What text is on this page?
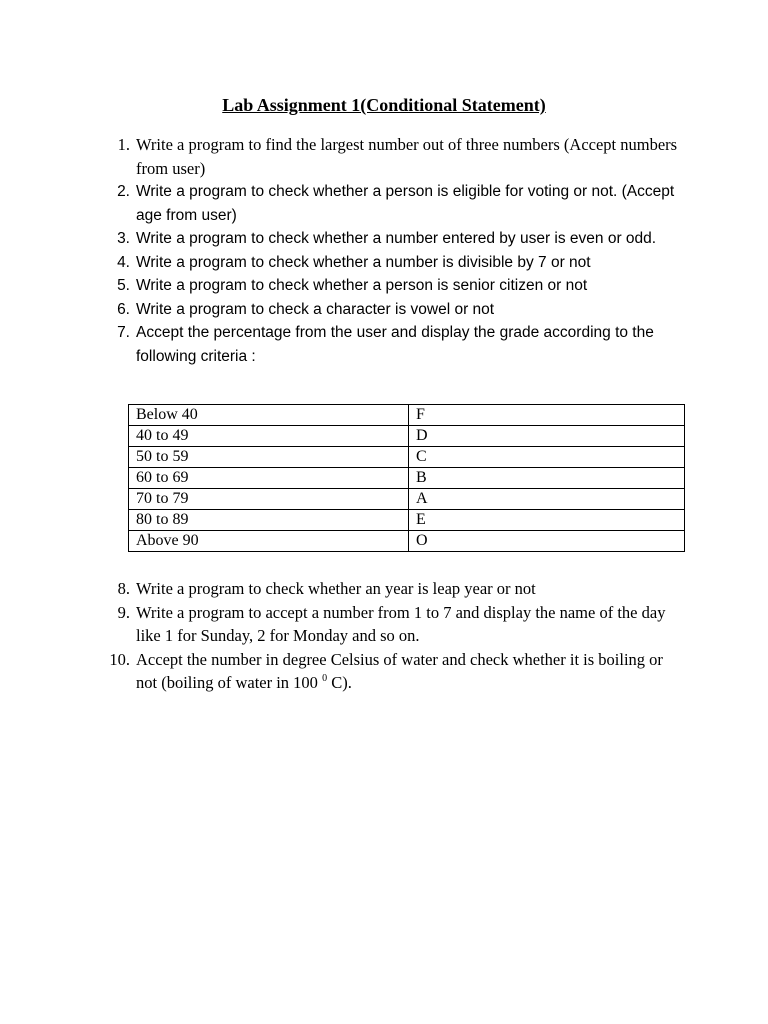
Lab Assignment 1(Conditional Statement)
1. Write a program to find the largest number out of three numbers (Accept numbers from user)
2. Write a program to check whether a person is eligible for voting or not. (Accept age from user)
3. Write a program to check whether a number entered by user is even or odd.
4. Write a program to check whether a number is divisible by 7 or not
5. Write a program to check whether a person is senior citizen or not
6. Write a program to check a character is vowel or not
7. Accept the percentage from the user and display the grade according to the following criteria :
Below 40	F
40 to 49	D
50 to 59	C
60 to 69	B
70 to 79	A
80 to 89	E
Above 90	O
8. Write a program to check whether an year is leap year or not
9. Write a program to accept a number from 1 to 7 and display the name of the day like 1 for Sunday, 2 for Monday and so on.
10. Accept the number in degree Celsius of water and check whether it is boiling or not (boiling of water in 100 $^0$ C).
